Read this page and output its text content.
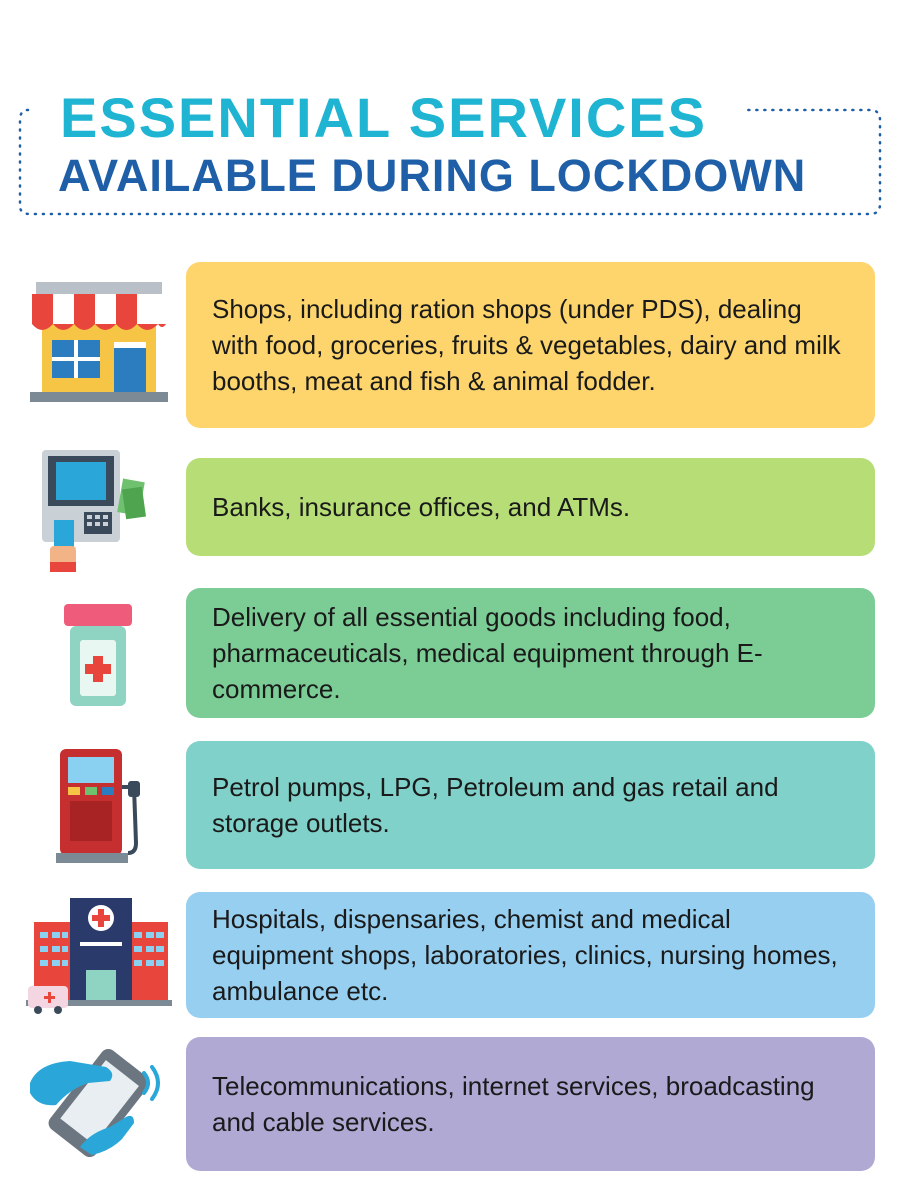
ESSENTIAL SERVICES
AVAILABLE DURING LOCKDOWN

Shops, including ration shops (under PDS), dealing with food, groceries, fruits & vegetables, dairy and milk booths, meat and fish & animal fodder.

Banks, insurance offices, and ATMs.

Delivery of all essential goods including food, pharmaceuticals, medical equipment through E-commerce.

Petrol pumps, LPG, Petroleum and gas retail and storage outlets.

Hospitals, dispensaries, chemist and medical equipment shops, laboratories, clinics, nursing homes, ambulance etc.

Telecommunications, internet services, broadcasting and cable services.
